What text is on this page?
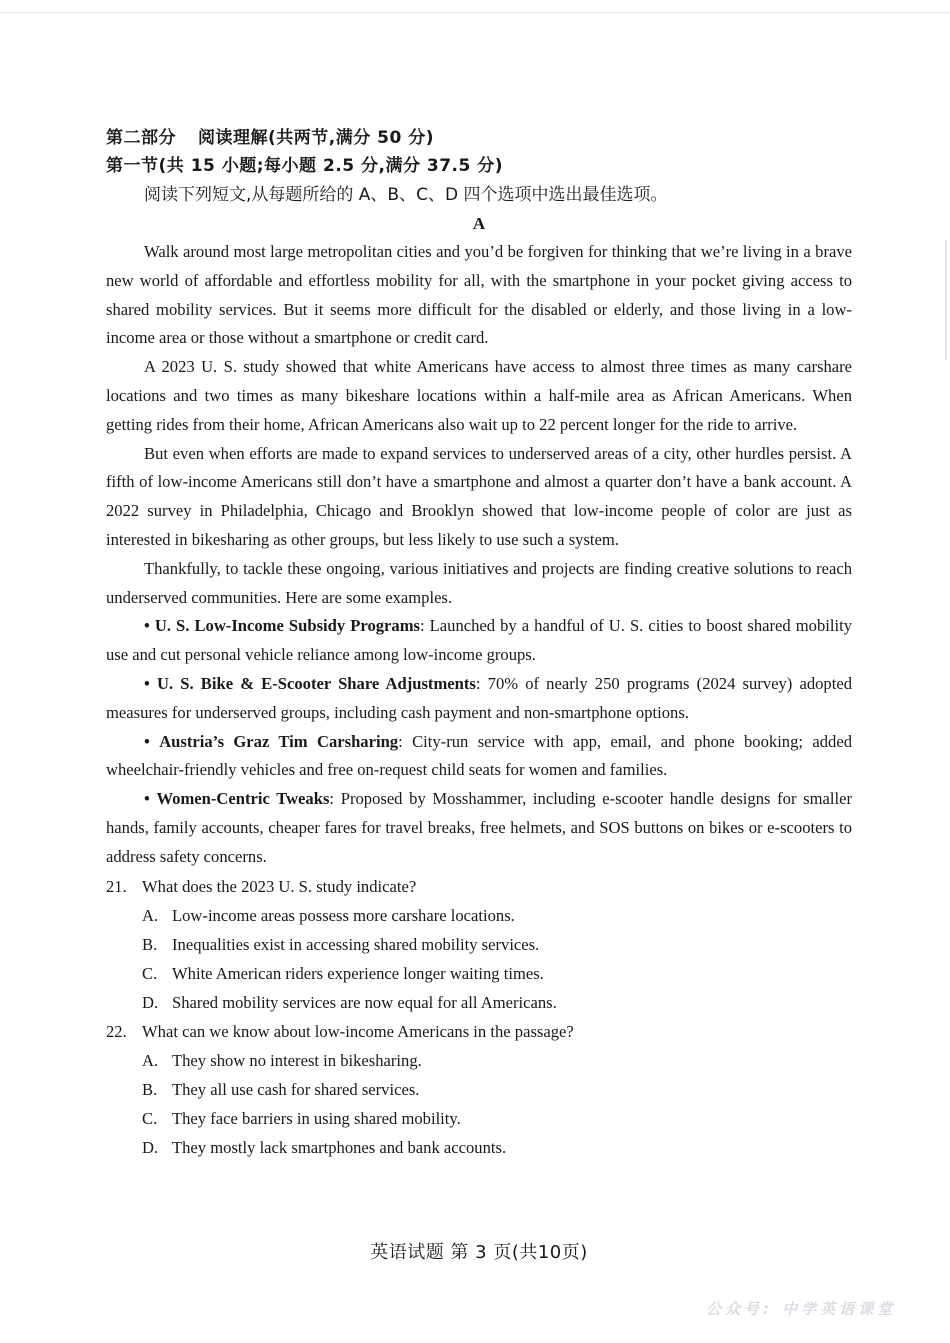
第二部分 阅读理解(共两节,满分 50 分)
第一节(共 15 小题;每小题 2.5 分,满分 37.5 分)
阅读下列短文,从每题所给的 A、B、C、D 四个选项中选出最佳选项。
A

Walk around most large metropolitan cities and you’d be forgiven for thinking that we’re living in a brave new world of affordable and effortless mobility for all, with the smartphone in your pocket giving access to shared mobility services. But it seems more difficult for the disabled or elderly, and those living in a low-income area or those without a smartphone or credit card.

A 2023 U. S. study showed that white Americans have access to almost three times as many carshare locations and two times as many bikeshare locations within a half-mile area as African Americans. When getting rides from their home, African Americans also wait up to 22 percent longer for the ride to arrive.

But even when efforts are made to expand services to underserved areas of a city, other hurdles persist. A fifth of low-income Americans still don’t have a smartphone and almost a quarter don’t have a bank account. A 2022 survey in Philadelphia, Chicago and Brooklyn showed that low-income people of color are just as interested in bikesharing as other groups, but less likely to use such a system.

Thankfully, to tackle these ongoing, various initiatives and projects are finding creative solutions to reach underserved communities. Here are some examples.

• U. S. Low-Income Subsidy Programs: Launched by a handful of U. S. cities to boost shared mobility use and cut personal vehicle reliance among low-income groups.

• U. S. Bike & E-Scooter Share Adjustments: 70% of nearly 250 programs (2024 survey) adopted measures for underserved groups, including cash payment and non-smartphone options.

• Austria’s Graz Tim Carsharing: City-run service with app, email, and phone booking; added wheelchair-friendly vehicles and free on-request child seats for women and families.

• Women-Centric Tweaks: Proposed by Mosshammer, including e-scooter handle designs for smaller hands, family accounts, cheaper fares for travel breaks, free helmets, and SOS buttons on bikes or e-scooters to address safety concerns.

21. What does the 2023 U. S. study indicate?
A. Low-income areas possess more carshare locations.
B. Inequalities exist in accessing shared mobility services.
C. White American riders experience longer waiting times.
D. Shared mobility services are now equal for all Americans.
22. What can we know about low-income Americans in the passage?
A. They show no interest in bikesharing.
B. They all use cash for shared services.
C. They face barriers in using shared mobility.
D. They mostly lack smartphones and bank accounts.
英语试题 第 3 页(共10页)
公众号: 中学英语课堂
